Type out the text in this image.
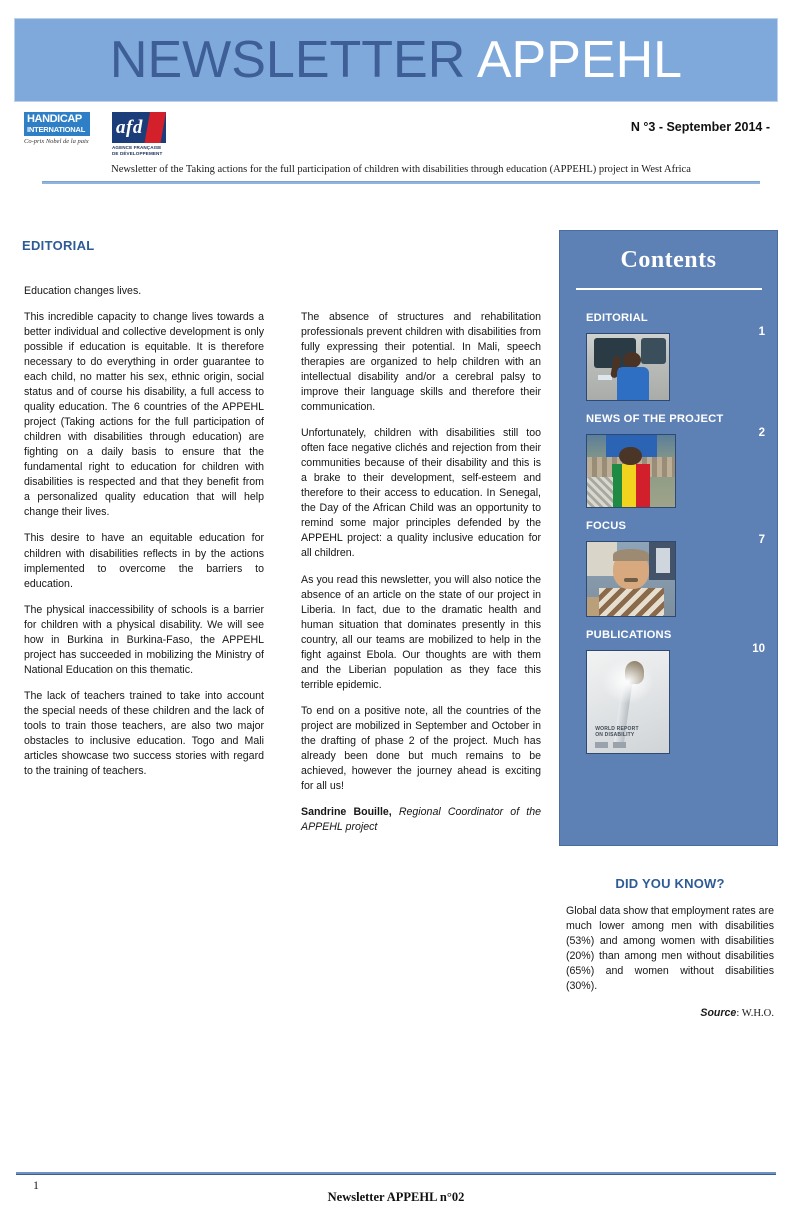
NEWSLETTER APPEHL
HANDICAP
INTERNATIONAL
Co-prix Nobel de la paix
afd
AGENCE FRANÇAISE
DE DÉVELOPPEMENT
N °3 - September 2014 -
Newsletter of the Taking actions for the full participation of children with disabilities through education (APPEHL) project in West Africa
EDITORIAL

Education changes lives.

This incredible capacity to change lives towards a better individual and collective development is only possible if education is equitable. It is therefore necessary to do everything in order guarantee to each child, no matter his sex, ethnic origin, social status and of course his disability, a full access to quality education. The 6 countries of the APPEHL project (Taking actions for the full participation of children with disabilities through education) are fighting on a daily basis to ensure that the fundamental right to education for children with disabilities is respected and that they benefit from a personalized quality education that will help change their lives.

This desire to have an equitable education for children with disabilities reflects in by the actions implemented to overcome the barriers to education.

The physical inaccessibility of schools is a barrier for children with a physical disability. We will see how in Burkina in Burkina-Faso, the APPEHL project has succeeded in mobilizing the Ministry of National Education on this thematic.

The lack of teachers trained to take into account the special needs of these children and the lack of tools to train those teachers, are also two major obstacles to inclusive education. Togo and Mali articles showcase two success stories with regard to the training of teachers.

The absence of structures and rehabilitation professionals prevent children with disabilities from fully expressing their potential. In Mali, speech therapies are organized to help children with an intellectual disability and/or a cerebral palsy to improve their language skills and therefore their communication.

Unfortunately, children with disabilities still too often face negative clichés and rejection from their communities because of their disability and this is a brake to their development, self-esteem and therefore to their access to education. In Senegal, the Day of the African Child was an opportunity to remind some major principles defended by the APPEHL project: a quality inclusive education for all children.

As you read this newsletter, you will also notice the absence of an article on the state of our project in Liberia. In fact, due to the dramatic health and human situation that dominates presently in this country, all our teams are mobilized to help in the fight against Ebola. Our thoughts are with them and the Liberian population as they face this terrible epidemic.

To end on a positive note, all the countries of the project are mobilized in September and October in the drafting of phase 2 of the project. Much has already been done but much remains to be achieved, however the journey ahead is exciting for all us!

Sandrine Bouille, Regional Coordinator of the APPEHL project

Contents
EDITORIAL
1
NEWS OF THE PROJECT
2
FOCUS
7
PUBLICATIONS
10
WORLD REPORT
ON DISABILITY
DID YOU KNOW?
Global data show that employment rates are much lower among men with disabilities (53%) and among women with disabilities (20%) than among men without disabilities (65%) and women without disabilities (30%).
Source: W.H.O.
1
Newsletter APPEHL n°02
